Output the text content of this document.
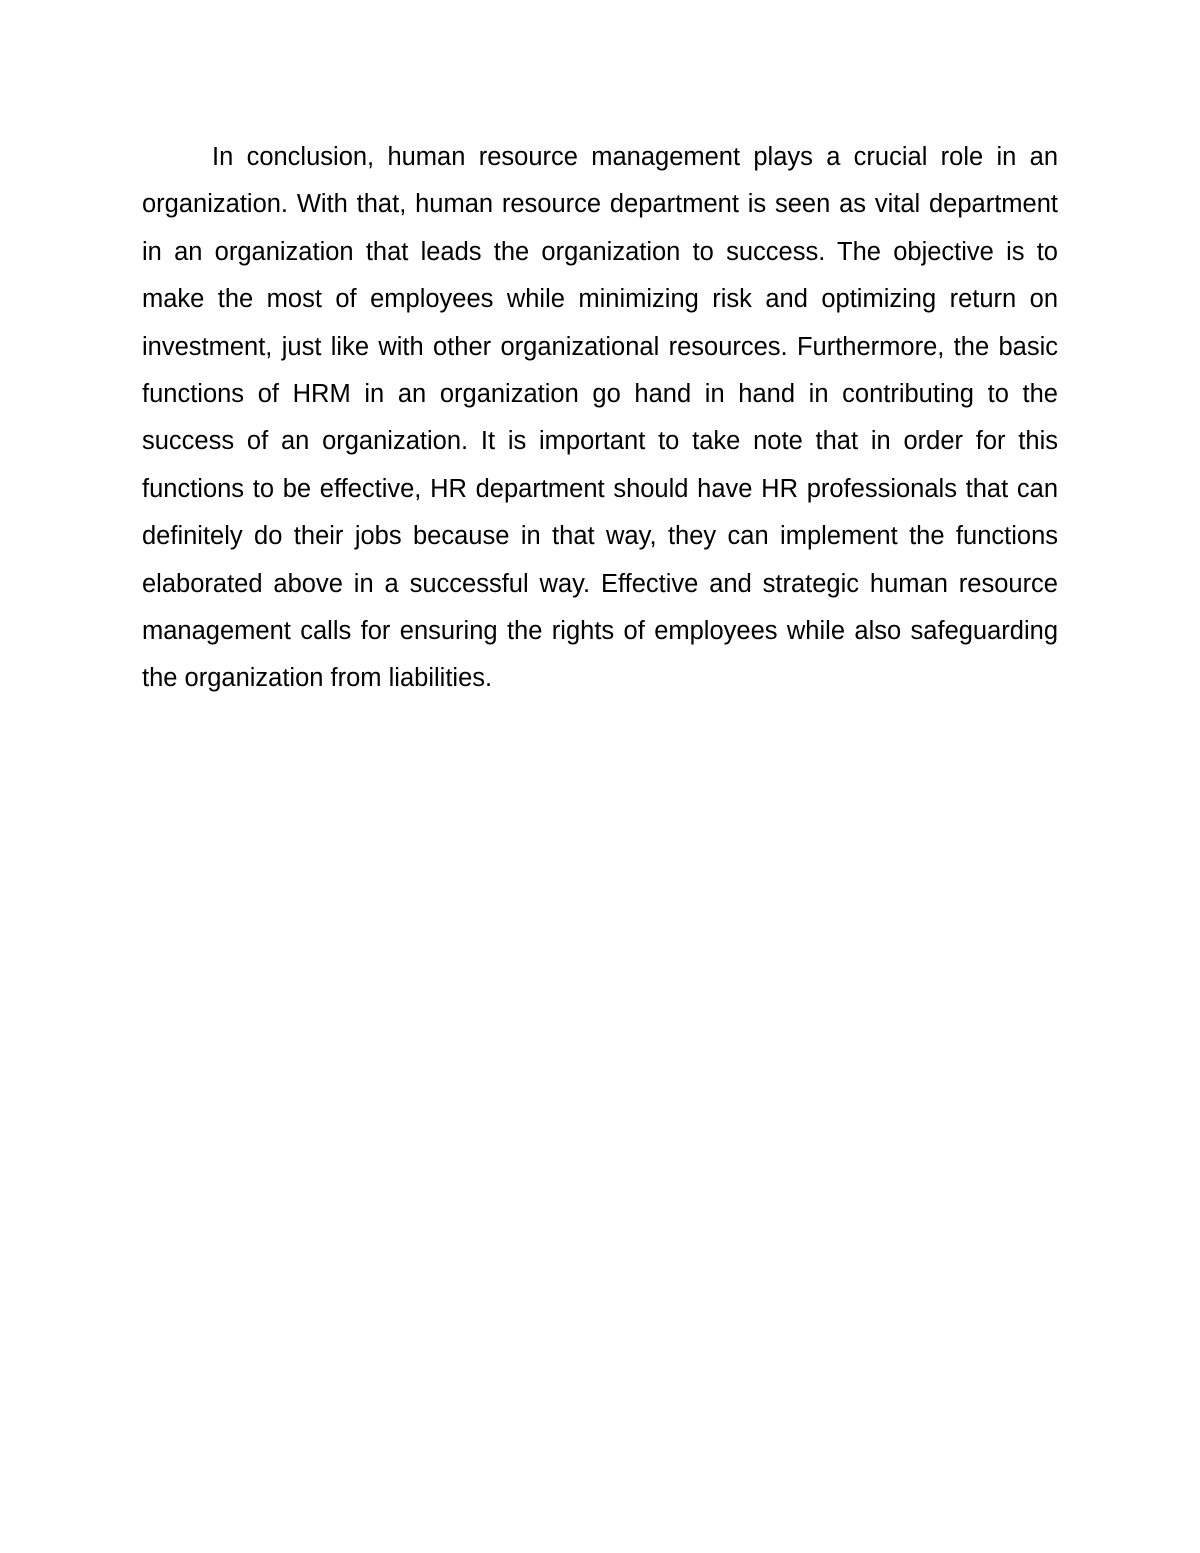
In conclusion, human resource management plays a crucial role in an organization. With that, human resource department is seen as vital department in an organization that leads the organization to success. The objective is to make the most of employees while minimizing risk and optimizing return on investment, just like with other organizational resources. Furthermore, the basic functions of HRM in an organization go hand in hand in contributing to the success of an organization. It is important to take note that in order for this functions to be effective, HR department should have HR professionals that can definitely do their jobs because in that way, they can implement the functions elaborated above in a successful way. Effective and strategic human resource management calls for ensuring the rights of employees while also safeguarding the organization from liabilities.
